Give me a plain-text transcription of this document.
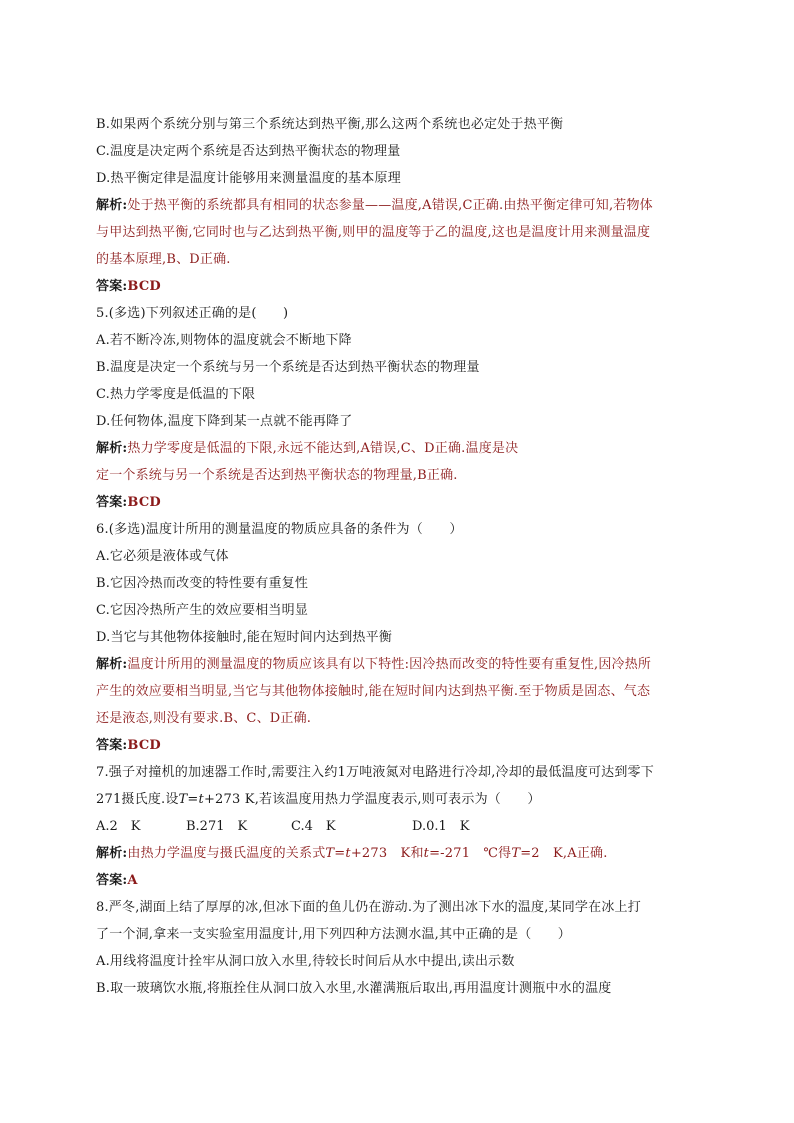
B.如果两个系统分别与第三个系统达到热平衡,那么这两个系统也必定处于热平衡
C.温度是决定两个系统是否达到热平衡状态的物理量
D.热平衡定律是温度计能够用来测量温度的基本原理
解析:处于热平衡的系统都具有相同的状态参量——温度,A错误,C正确.由热平衡定律可知,若物体
与甲达到热平衡,它同时也与乙达到热平衡,则甲的温度等于乙的温度,这也是温度计用来测量温度
的基本原理,B、D正确.
答案:BCD
5.(多选)下列叙述正确的是(　　)
A.若不断冷冻,则物体的温度就会不断地下降
B.温度是决定一个系统与另一个系统是否达到热平衡状态的物理量
C.热力学零度是低温的下限
D.任何物体,温度下降到某一点就不能再降了
解析:热力学零度是低温的下限,永远不能达到,A错误,C、D正确.温度是决
定一个系统与另一个系统是否达到热平衡状态的物理量,B正确.
答案:BCD
6.(多选)温度计所用的测量温度的物质应具备的条件为（　　）
A.它必须是液体或气体
B.它因冷热而改变的特性要有重复性
C.它因冷热所产生的效应要相当明显
D.当它与其他物体接触时,能在短时间内达到热平衡
解析:温度计所用的测量温度的物质应该具有以下特性:因冷热而改变的特性要有重复性,因冷热所
产生的效应要相当明显,当它与其他物体接触时,能在短时间内达到热平衡.至于物质是固态、气态
还是液态,则没有要求.B、C、D正确.
答案:BCD
7.强子对撞机的加速器工作时,需要注入约1万吨液氮对电路进行冷却,冷却的最低温度可达到零下
271摄氏度.设T=t+273 K,若该温度用热力学温度表示,则可表示为（　　）
A.2　K	B.271　K	C.4　K	D.0.1　K
解析:由热力学温度与摄氏温度的关系式T=t+273　K和t=-271　℃得T=2　K,A正确.
答案:A
8.严冬,湖面上结了厚厚的冰,但冰下面的鱼儿仍在游动.为了测出冰下水的温度,某同学在冰上打
了一个洞,拿来一支实验室用温度计,用下列四种方法测水温,其中正确的是（　　）
A.用线将温度计拴牢从洞口放入水里,待较长时间后从水中提出,读出示数
B.取一玻璃饮水瓶,将瓶拴住从洞口放入水里,水灌满瓶后取出,再用温度计测瓶中水的温度
